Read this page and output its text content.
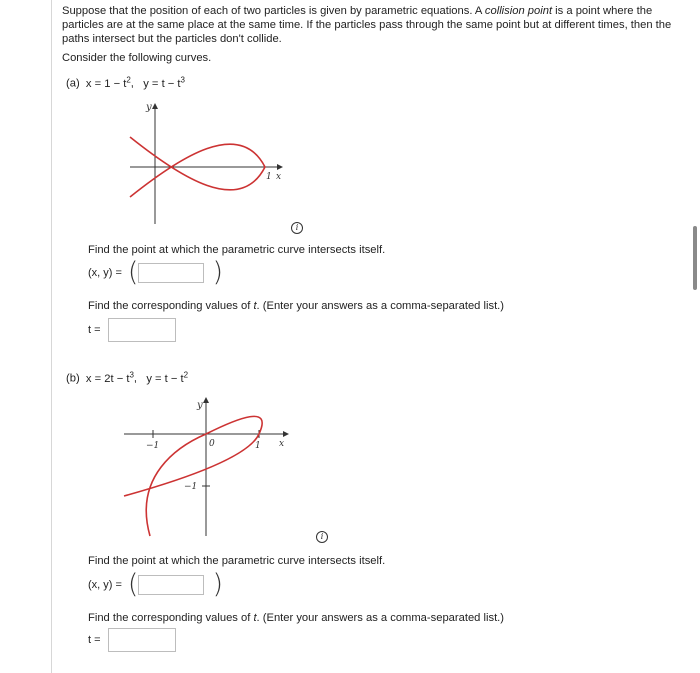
Suppose that the position of each of two particles is given by parametric equations. A collision point is a point where the particles are at the same place at the same time. If the particles pass through the same point but at different times, then the paths intersect but the particles don't collide.
Consider the following curves.
(a) $x = 1 - t^2$, $y = t - t^3$
y
1 x
i
Find the point at which the parametric curve intersects itself.
(x, y) = (	)
Find the corresponding values of t. (Enter your answers as a comma-separated list.)
t =
(b) $x = 2t - t^3$, $y = t - t^2$
y
−1	0	1 x
−1
i
Find the point at which the parametric curve intersects itself.
(x, y) = (	)
Find the corresponding values of t. (Enter your answers as a comma-separated list.)
t =
